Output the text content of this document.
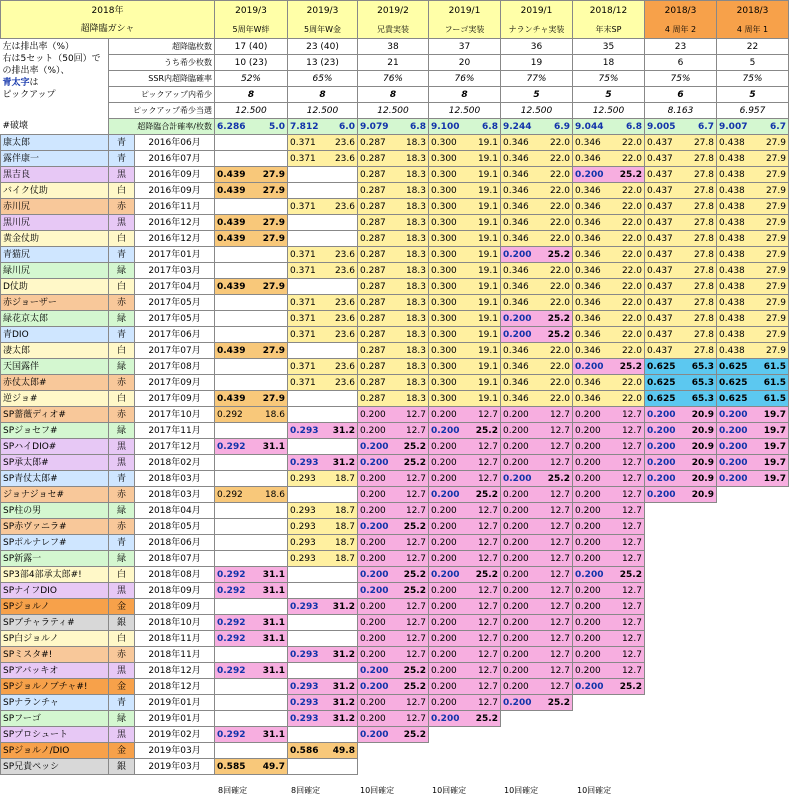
2018年			2019/3	2019/3	2019/2	2019/1	2019/1	2018/12	2018/3	2018/3
超降臨ガシャ			5周年W絆	5周年W金	兄貴実装	フーゴ実装	ナランチャ実装	年末SP	4 周年 2	4 周年 1
左は排出率（%）
右は5セット（50回）での排出率（%）、
青太字は
ピックアップ	超降臨枚数		17 (40)	23 (40)	38	37	36	35	23	22
	うち希少枚数		10 (23)	13 (23)	21	20	19	18	6	5
	SSR内超降臨確率		52%	65%	76%	76%	77%	75%	75%	75%
	ピックアップ内希少		8	8	8	8	5	5	6	5
	ピックアップ希少当選		12.500	12.500	12.500	12.500	12.500	12.500	8.163	6.957
#破壊	超降臨合計確率/枚数		6.286 5.0	7.812 6.0	9.079 6.8	9.100 6.8	9.244 6.9	9.044 6.8	9.005 6.7	9.007 6.7

康太郎	青	2016年06月		0.371 23.6	0.287 18.3	0.300 19.1	0.346 22.0	0.346 22.0	0.437 27.8	0.438 27.9

露伴康一	青	2016年07月		0.371 23.6	0.287 18.3	0.300 19.1	0.346 22.0	0.346 22.0	0.437 27.8	0.438 27.9

黒吉良	黒	2016年09月	0.439 27.9		0.287 18.3	0.300 19.1	0.346 22.0	0.200 25.2	0.437 27.8	0.438 27.9

バイク仗助	白	2016年09月	0.439 27.9		0.287 18.3	0.300 19.1	0.346 22.0	0.346 22.0	0.437 27.8	0.438 27.9

赤川尻	赤	2016年11月		0.371 23.6	0.287 18.3	0.300 19.1	0.346 22.0	0.346 22.0	0.437 27.8	0.438 27.9

黒川尻	黒	2016年12月	0.439 27.9		0.287 18.3	0.300 19.1	0.346 22.0	0.346 22.0	0.437 27.8	0.438 27.9

黄金仗助	白	2016年12月	0.439 27.9		0.287 18.3	0.300 19.1	0.346 22.0	0.346 22.0	0.437 27.8	0.438 27.9

青猫尻	青	2017年01月		0.371 23.6	0.287 18.3	0.300 19.1	0.200 25.2	0.346 22.0	0.437 27.8	0.438 27.9

緑川尻	緑	2017年03月		0.371 23.6	0.287 18.3	0.300 19.1	0.346 22.0	0.346 22.0	0.437 27.8	0.438 27.9

D仗助	白	2017年04月	0.439 27.9		0.287 18.3	0.300 19.1	0.346 22.0	0.346 22.0	0.437 27.8	0.438 27.9

赤ジョーザー	赤	2017年05月		0.371 23.6	0.287 18.3	0.300 19.1	0.346 22.0	0.346 22.0	0.437 27.8	0.438 27.9

緑花京太郎	緑	2017年05月		0.371 23.6	0.287 18.3	0.300 19.1	0.200 25.2	0.346 22.0	0.437 27.8	0.438 27.9

青DIO	青	2017年06月		0.371 23.6	0.287 18.3	0.300 19.1	0.200 25.2	0.346 22.0	0.437 27.8	0.438 27.9

凄太郎	白	2017年07月	0.439 27.9		0.287 18.3	0.300 19.1	0.346 22.0	0.346 22.0	0.437 27.8	0.438 27.9

天国露伴	緑	2017年08月		0.371 23.6	0.287 18.3	0.300 19.1	0.346 22.0	0.200 25.2	0.625 65.3	0.625 61.5

赤仗太郎#	赤	2017年09月		0.371 23.6	0.287 18.3	0.300 19.1	0.346 22.0	0.346 22.0	0.625 65.3	0.625 61.5

逆ジョ#	白	2017年09月	0.439 27.9		0.287 18.3	0.300 19.1	0.346 22.0	0.346 22.0	0.625 65.3	0.625 61.5

SP薔薇ディオ#	赤	2017年10月	0.292 18.6		0.200 12.7	0.200 12.7	0.200 12.7	0.200 12.7	0.200 20.9	0.200 19.7

SPジョセフ#	緑	2017年11月		0.293 31.2	0.200 12.7	0.200 25.2	0.200 12.7	0.200 12.7	0.200 20.9	0.200 19.7

SPハイDIO#	黒	2017年12月	0.292 31.1		0.200 25.2	0.200 12.7	0.200 12.7	0.200 12.7	0.200 20.9	0.200 19.7

SP承太郎#	黒	2018年02月		0.293 31.2	0.200 25.2	0.200 12.7	0.200 12.7	0.200 12.7	0.200 20.9	0.200 19.7

SP青仗太郎#	青	2018年03月		0.293 18.7	0.200 12.7	0.200 12.7	0.200 25.2	0.200 12.7	0.200 20.9	0.200 19.7

ジョナジョセ#	赤	2018年03月	0.292 18.6		0.200 12.7	0.200 25.2	0.200 12.7	0.200 12.7	0.200 20.9	

SP柱の男	緑	2018年04月		0.293 18.7	0.200 12.7	0.200 12.7	0.200 12.7	0.200 12.7		

SP赤ヴァニラ#	赤	2018年05月		0.293 18.7	0.200 25.2	0.200 12.7	0.200 12.7	0.200 12.7		

SPポルナレフ#	青	2018年06月		0.293 18.7	0.200 12.7	0.200 12.7	0.200 12.7	0.200 12.7		

SP新露一	緑	2018年07月		0.293 18.7	0.200 12.7	0.200 12.7	0.200 12.7	0.200 12.7		

SP3部4部承太郎#!	白	2018年08月	0.292 31.1		0.200 25.2	0.200 25.2	0.200 12.7	0.200 25.2		

SPナイフDIO	黒	2018年09月	0.292 31.1		0.200 25.2	0.200 12.7	0.200 12.7	0.200 12.7		

SPジョルノ	金	2018年09月		0.293 31.2	0.200 12.7	0.200 12.7	0.200 12.7	0.200 12.7		

SPブチャラティ#	銀	2018年10月	0.292 31.1		0.200 12.7	0.200 12.7	0.200 12.7	0.200 12.7		

SP白ジョルノ	白	2018年11月	0.292 31.1		0.200 12.7	0.200 12.7	0.200 12.7	0.200 12.7		

SPミスタ#!	赤	2018年11月		0.293 31.2	0.200 12.7	0.200 12.7	0.200 12.7	0.200 12.7		

SPアバッキオ	黒	2018年12月	0.292 31.1		0.200 25.2	0.200 12.7	0.200 12.7	0.200 12.7		

SPジョルノブチャ#!	金	2018年12月		0.293 31.2	0.200 25.2	0.200 12.7	0.200 12.7	0.200 25.2		

SPナランチャ	青	2019年01月		0.293 31.2	0.200 12.7	0.200 12.7	0.200 25.2			

SPフーゴ	緑	2019年01月		0.293 31.2	0.200 12.7	0.200 25.2				

SPプロシュート	黒	2019年02月	0.292 31.1		0.200 25.2					

SPジョルノ/DIO	金	2019年03月		0.586 49.8						

SP兄貴ペッシ	銀	2019年03月	0.585 49.7							

8回確定	8回確定	10回確定	10回確定	10回確定	10回確定
